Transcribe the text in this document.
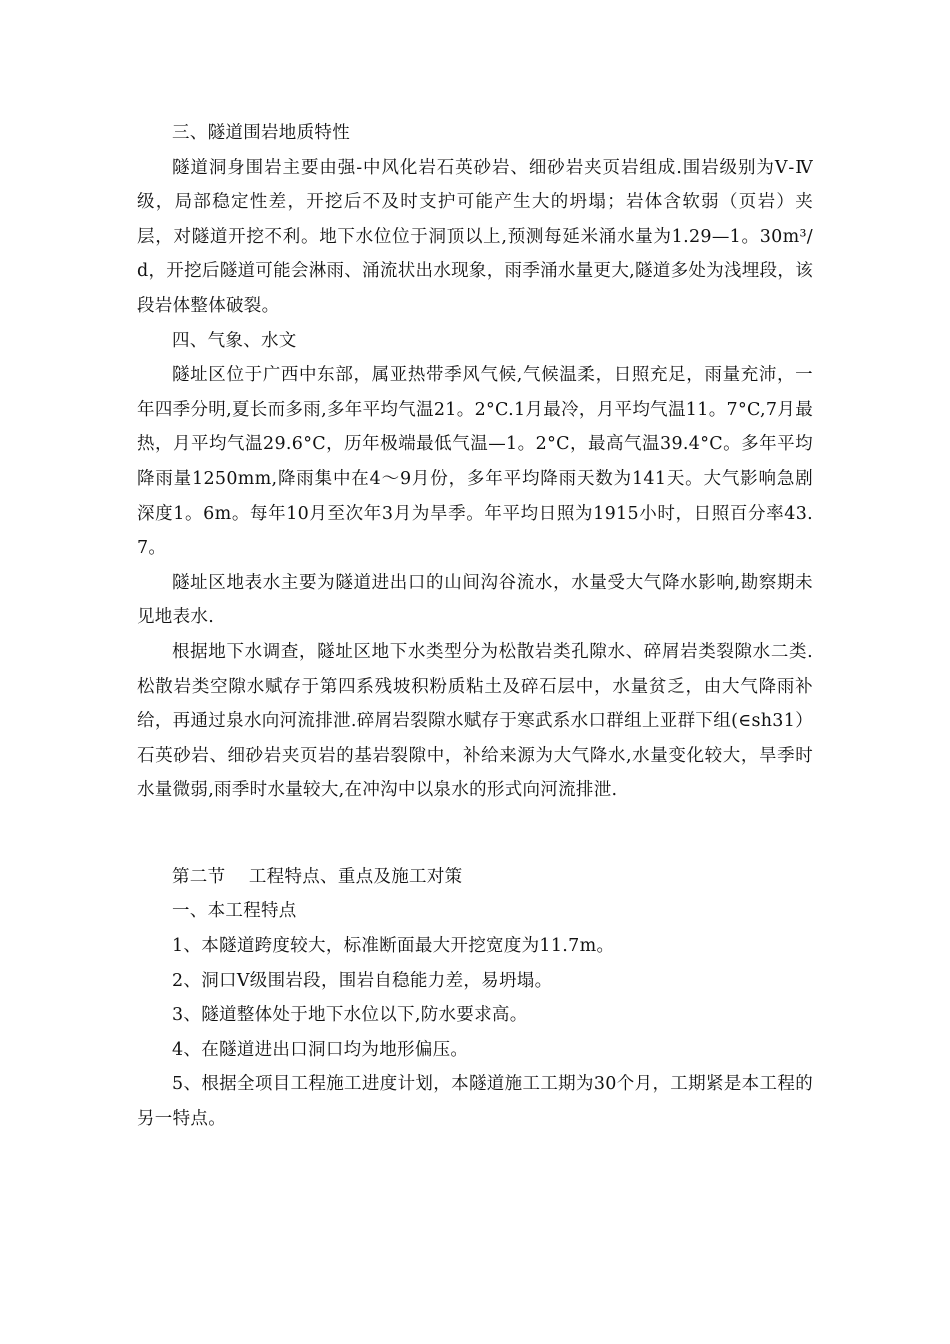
三、隧道围岩地质特性

隧道洞身围岩主要由强-中风化岩石英砂岩、细砂岩夹页岩组成.围岩级别为Ⅴ-Ⅳ级，局部稳定性差，开挖后不及时支护可能产生大的坍塌；岩体含软弱（页岩）夹层，对隧道开挖不利。地下水位位于洞顶以上,预测每延米涌水量为1.29—1。30m³/d，开挖后隧道可能会淋雨、涌流状出水现象，雨季涌水量更大,隧道多处为浅埋段，该段岩体整体破裂。

四、气象、水文

隧址区位于广西中东部，属亚热带季风气候,气候温柔，日照充足，雨量充沛，一年四季分明,夏长而多雨,多年平均气温21。2°C.1月最冷，月平均气温11。7°C,7月最热，月平均气温29.6°C，历年极端最低气温—1。2°C，最高气温39.4°C。多年平均降雨量1250mm,降雨集中在4～9月份，多年平均降雨天数为141天。大气影响急剧深度1。6m。每年10月至次年3月为旱季。年平均日照为1915小时，日照百分率43.7。

隧址区地表水主要为隧道进出口的山间沟谷流水，水量受大气降水影响,勘察期未见地表水.

根据地下水调查，隧址区地下水类型分为松散岩类孔隙水、碎屑岩类裂隙水二类.松散岩类空隙水赋存于第四系残坡积粉质粘土及碎石层中，水量贫乏，由大气降雨补给，再通过泉水向河流排泄.碎屑岩裂隙水赋存于寒武系水口群组上亚群下组(∈sh31）石英砂岩、细砂岩夹页岩的基岩裂隙中，补给来源为大气降水,水量变化较大，旱季时水量微弱,雨季时水量较大,在冲沟中以泉水的形式向河流排泄.

第二节    工程特点、重点及施工对策

一、本工程特点

1、本隧道跨度较大，标准断面最大开挖宽度为11.7m。

2、洞口Ⅴ级围岩段，围岩自稳能力差，易坍塌。

3、隧道整体处于地下水位以下,防水要求高。

4、在隧道进出口洞口均为地形偏压。

5、根据全项目工程施工进度计划，本隧道施工工期为30个月，工期紧是本工程的另一特点。
